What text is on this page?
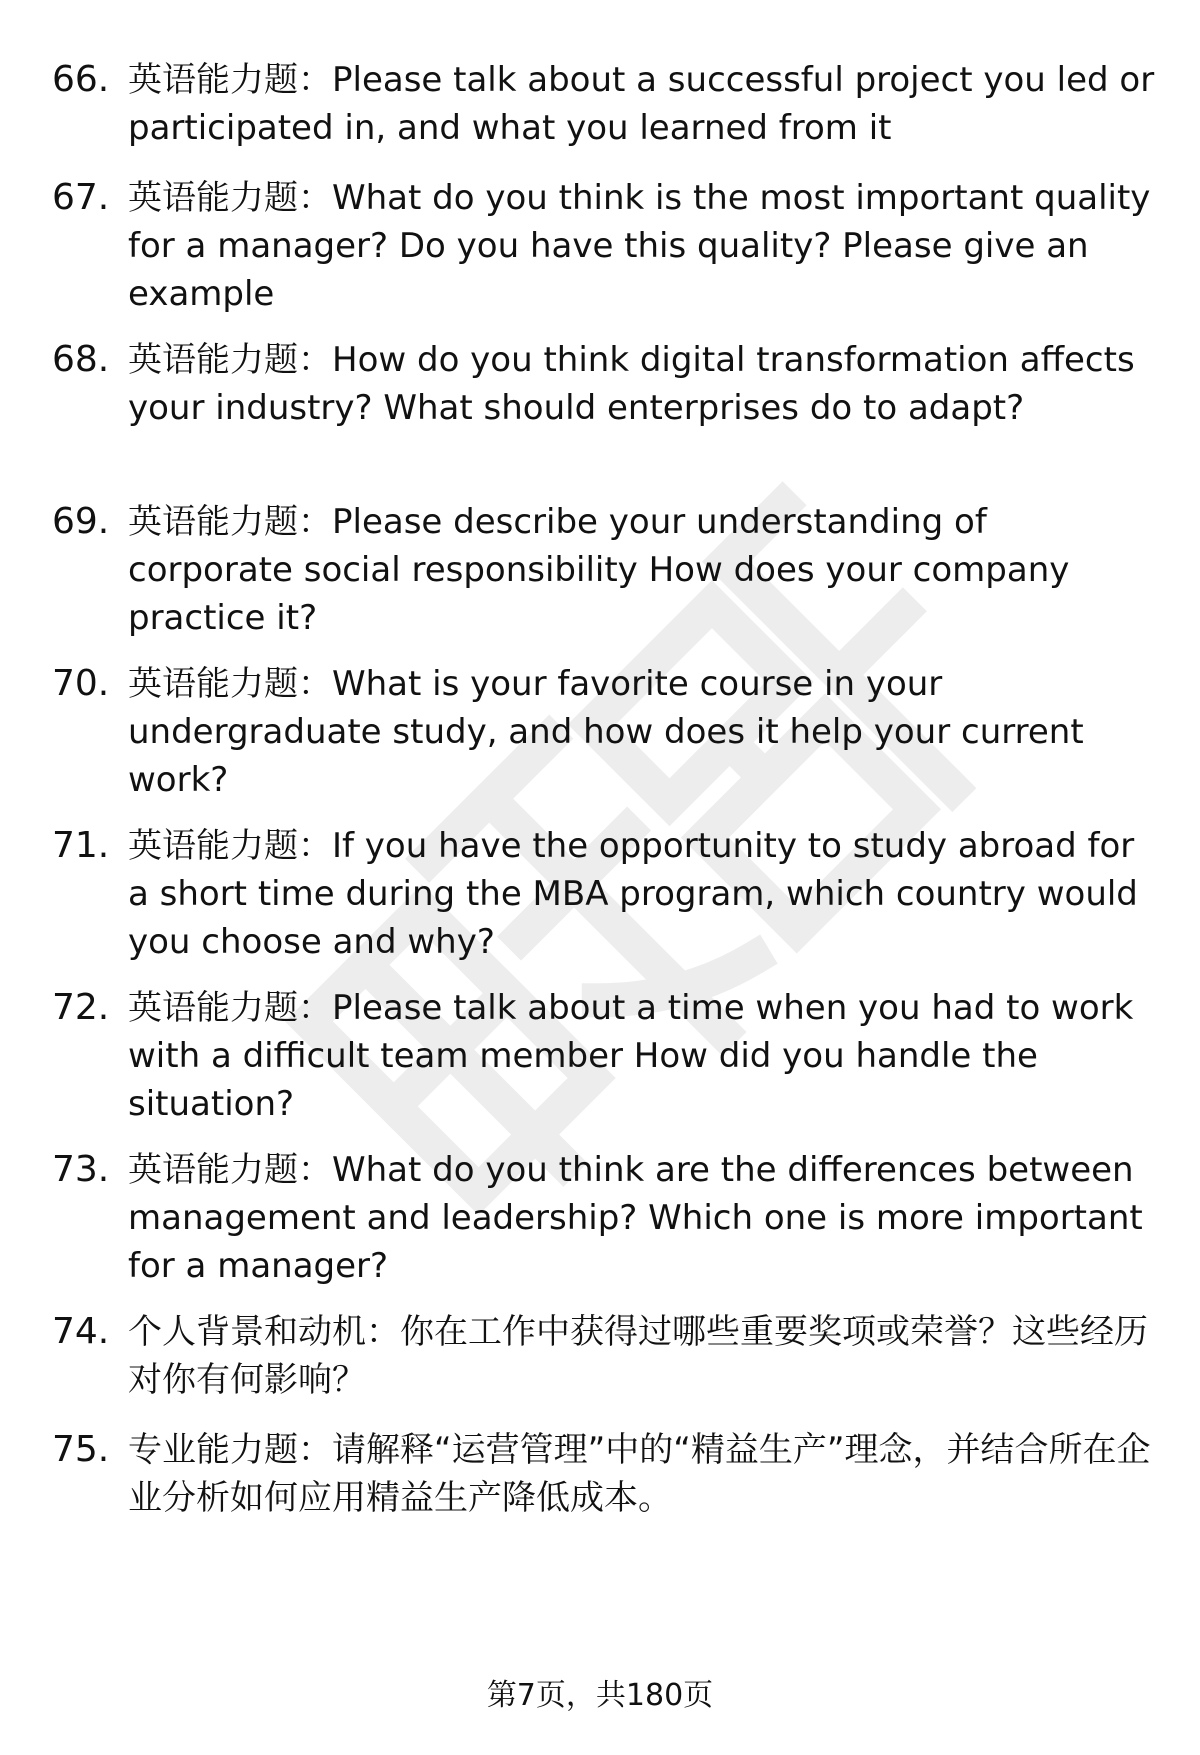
66. 英语能力题：Please talk about a successful project you led or participated in, and what you learned from it
67. 英语能力题：What do you think is the most important quality for a manager? Do you have this quality? Please give an example
68. 英语能力题：How do you think digital transformation affects your industry? What should enterprises do to adapt?
69. 英语能力题：Please describe your understanding of corporate social responsibility How does your company practice it?
70. 英语能力题：What is your favorite course in your undergraduate study, and how does it help your current work?
71. 英语能力题：If you have the opportunity to study abroad for a short time during the MBA program, which country would you choose and why?
72. 英语能力题：Please talk about a time when you had to work with a difficult team member How did you handle the situation?
73. 英语能力题：What do you think are the differences between management and leadership? Which one is more important for a manager?
74. 个人背景和动机：你在工作中获得过哪些重要奖项或荣誉？这些经历对你有何影响？
75. 专业能力题：请解释“运营管理”中的“精益生产”理念，并结合所在企业分析如何应用精益生产降低成本。
第7页，共180页
